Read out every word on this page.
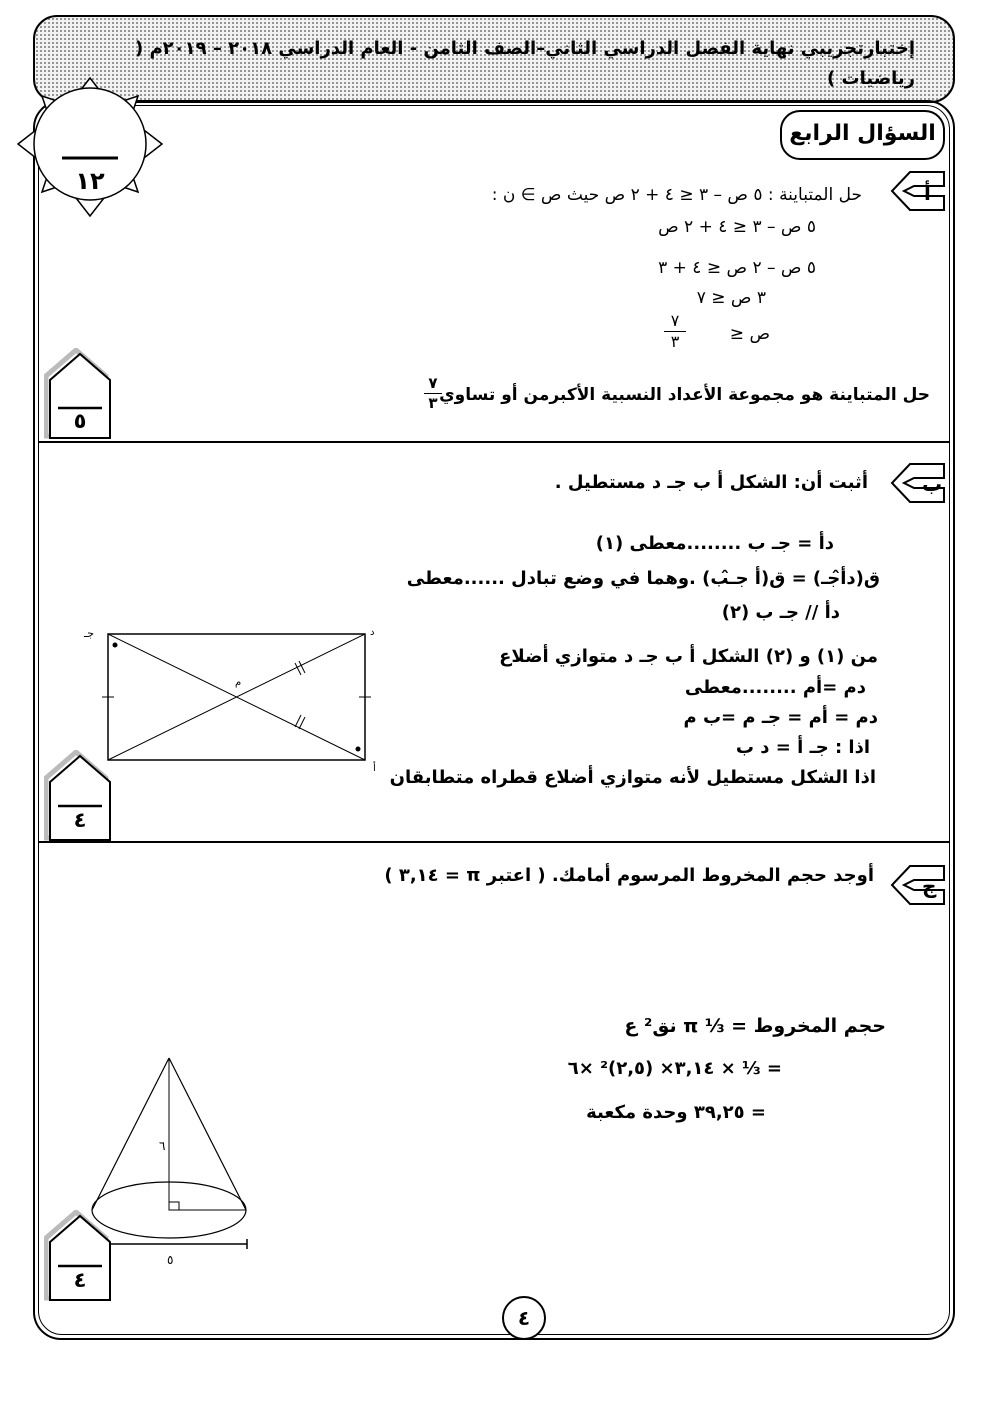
إختبارتجريبي نهاية الفصل الدراسي الثاني–الصف الثامن - العام الدراسي ٢٠١٨ – ٢٠١٩م ( رياضيات )
١٢
السؤال الرابع
أ
حل المتباينة : ٥ ص – ٣ ≤ ٤ + ٢ ص حيث ص ∋ ن :
٥ ص – ٣ ≤ ٤ + ٢ ص
٥ ص – ٢ ص ≤ ٤ + ٣
٣ ص ≤ ٧
ص ≤
٧
٣
حل المتباينة هو مجموعة الأعداد النسبية الأكبرمن أو تساوي
٧
٣
٥
ب
أثبت أن: الشكل أ ب جـ د مستطيل .
دأ = جـ ب ........معطى (١)
ق(دأ̂جـ) = ق(أ جـ̂ب) .وهما في وضع تبادل ......معطى
دأ // جـ ب (٢)
من (١) و (٢) الشكل أ ب جـ د متوازي أضلاع
دم =أم ........معطى
دم = أم = جـ م =ب م
اذا : جـ أ = د ب
اذا الشكل مستطيل لأنه متوازي أضلاع قطراه متطابقان
جـ	د
أ
م
٤
ج
أوجد حجم المخروط المرسوم أمامك. ( اعتبر π = ٣,١٤ )
حجم المخروط = ⅓ π نق² ع
= ⅓ × ٣,١٤× (٢,٥)² ×٦
= ٣٩,٢٥ وحدة مكعبة
٦
٥
٤
٤
